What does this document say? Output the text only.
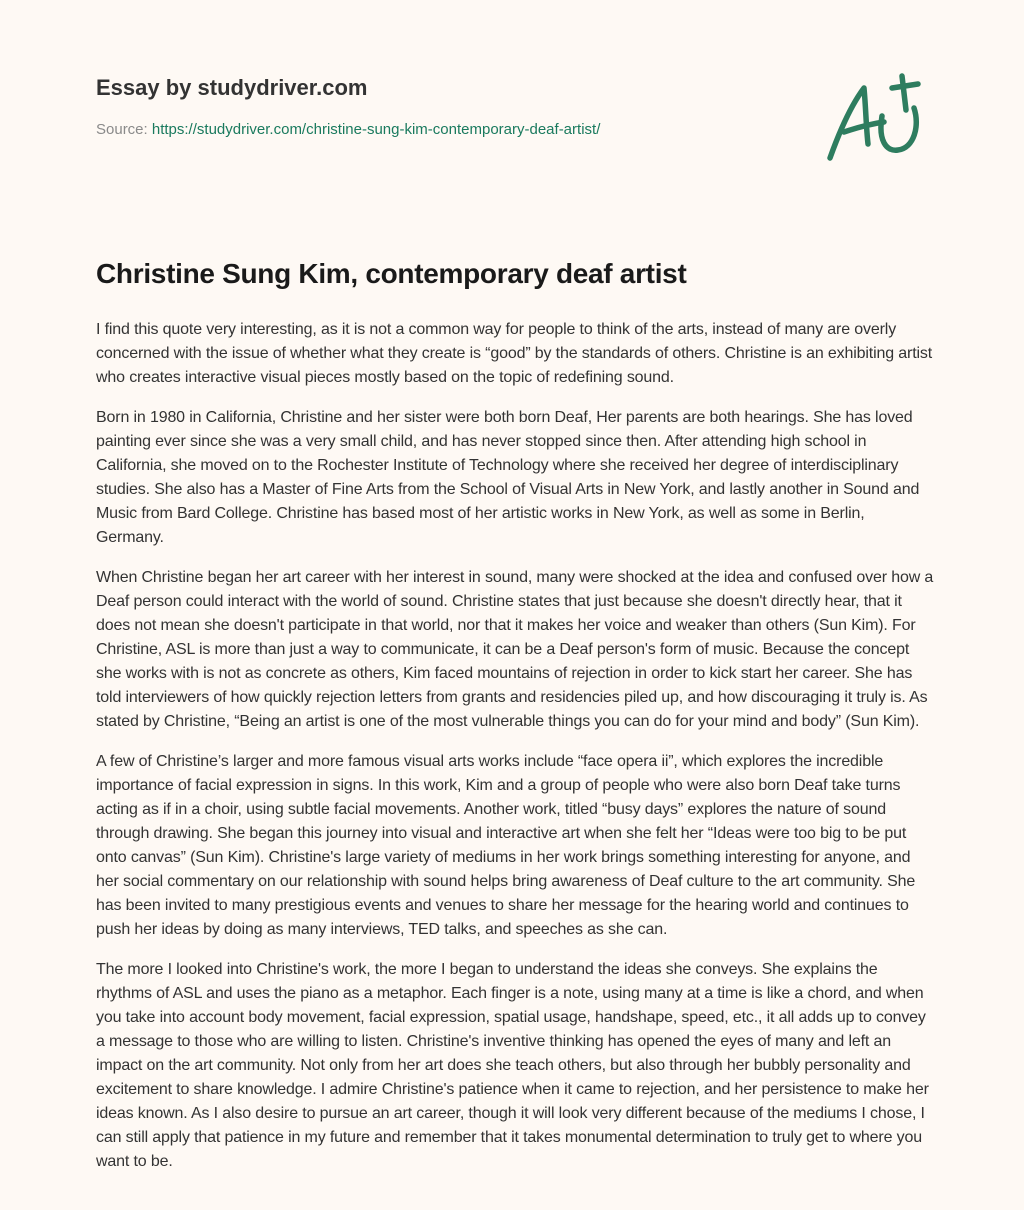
Essay by studydriver.com
Source: https://studydriver.com/christine-sung-kim-contemporary-deaf-artist/
Christine Sung Kim, contemporary deaf artist

I find this quote very interesting, as it is not a common way for people to think of the arts, instead of many are overly concerned with the issue of whether what they create is “good” by the standards of others. Christine is an exhibiting artist who creates interactive visual pieces mostly based on the topic of redefining sound.

Born in 1980 in California, Christine and her sister were both born Deaf, Her parents are both hearings. She has loved painting ever since she was a very small child, and has never stopped since then. After attending high school in California, she moved on to the Rochester Institute of Technology where she received her degree of interdisciplinary studies. She also has a Master of Fine Arts from the School of Visual Arts in New York, and lastly another in Sound and Music from Bard College. Christine has based most of her artistic works in New York, as well as some in Berlin, Germany.

When Christine began her art career with her interest in sound, many were shocked at the idea and confused over how a Deaf person could interact with the world of sound. Christine states that just because she doesn't directly hear, that it does not mean she doesn't participate in that world, nor that it makes her voice and weaker than others (Sun Kim). For Christine, ASL is more than just a way to communicate, it can be a Deaf person's form of music. Because the concept she works with is not as concrete as others, Kim faced mountains of rejection in order to kick start her career. She has told interviewers of how quickly rejection letters from grants and residencies piled up, and how discouraging it truly is. As stated by Christine, “Being an artist is one of the most vulnerable things you can do for your mind and body” (Sun Kim).

A few of Christine’s larger and more famous visual arts works include “face opera ii”, which explores the incredible importance of facial expression in signs. In this work, Kim and a group of people who were also born Deaf take turns acting as if in a choir, using subtle facial movements. Another work, titled “busy days” explores the nature of sound through drawing. She began this journey into visual and interactive art when she felt her “Ideas were too big to be put onto canvas” (Sun Kim). Christine's large variety of mediums in her work brings something interesting for anyone, and her social commentary on our relationship with sound helps bring awareness of Deaf culture to the art community. She has been invited to many prestigious events and venues to share her message for the hearing world and continues to push her ideas by doing as many interviews, TED talks, and speeches as she can.

The more I looked into Christine's work, the more I began to understand the ideas she conveys. She explains the rhythms of ASL and uses the piano as a metaphor. Each finger is a note, using many at a time is like a chord, and when you take into account body movement, facial expression, spatial usage, handshape, speed, etc., it all adds up to convey a message to those who are willing to listen. Christine's inventive thinking has opened the eyes of many and left an impact on the art community. Not only from her art does she teach others, but also through her bubbly personality and excitement to share knowledge. I admire Christine's patience when it came to rejection, and her persistence to make her ideas known. As I also desire to pursue an art career, though it will look very different because of the mediums I chose, I can still apply that patience in my future and remember that it takes monumental determination to truly get to where you want to be.
